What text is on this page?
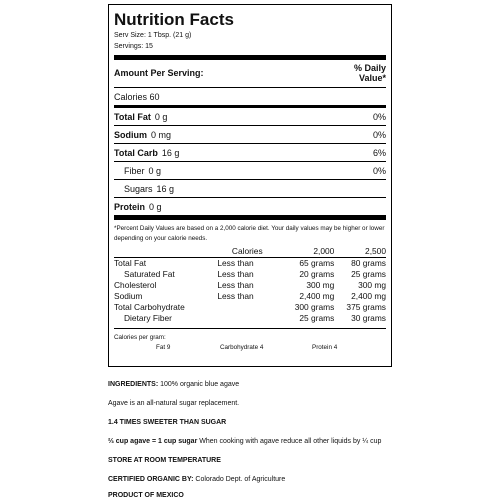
Nutrition Facts
Serv Size: 1 Tbsp. (21 g)
Servings: 15
Amount Per Serving:	% Daily
Value*
Calories 60
Total Fat 0 g	0%
Sodium 0 mg	0%
Total Carb 16 g	6%
Fiber 0 g	0%
Sugars 16 g
Protein 0 g
*Percent Daily Values are based on a 2,000 calorie diet. Your daily values may be higher or lower depending on your calorie needs.
	Calories	2,000	2,500
Total Fat	Less than	65 grams	80 grams
Saturated Fat	Less than	20 grams	25 grams
Cholesterol	Less than	300 mg	300 mg
Sodium	Less than	2,400 mg	2,400 mg
Total Carbohydrate		300 grams	375 grams
Dietary Fiber		25 grams	30 grams
Calories per gram:
Fat 9	Carbohydrate 4	Protein 4
INGREDIENTS: 100% organic blue agave
Agave is an all-natural sugar replacement.
1.4 TIMES SWEETER THAN SUGAR
⅔ cup agave = 1 cup sugar When cooking with agave reduce all other liquids by ¼ cup
STORE AT ROOM TEMPERATURE
CERTIFIED ORGANIC BY: Colorado Dept. of Agriculture
PRODUCT OF MEXICO
